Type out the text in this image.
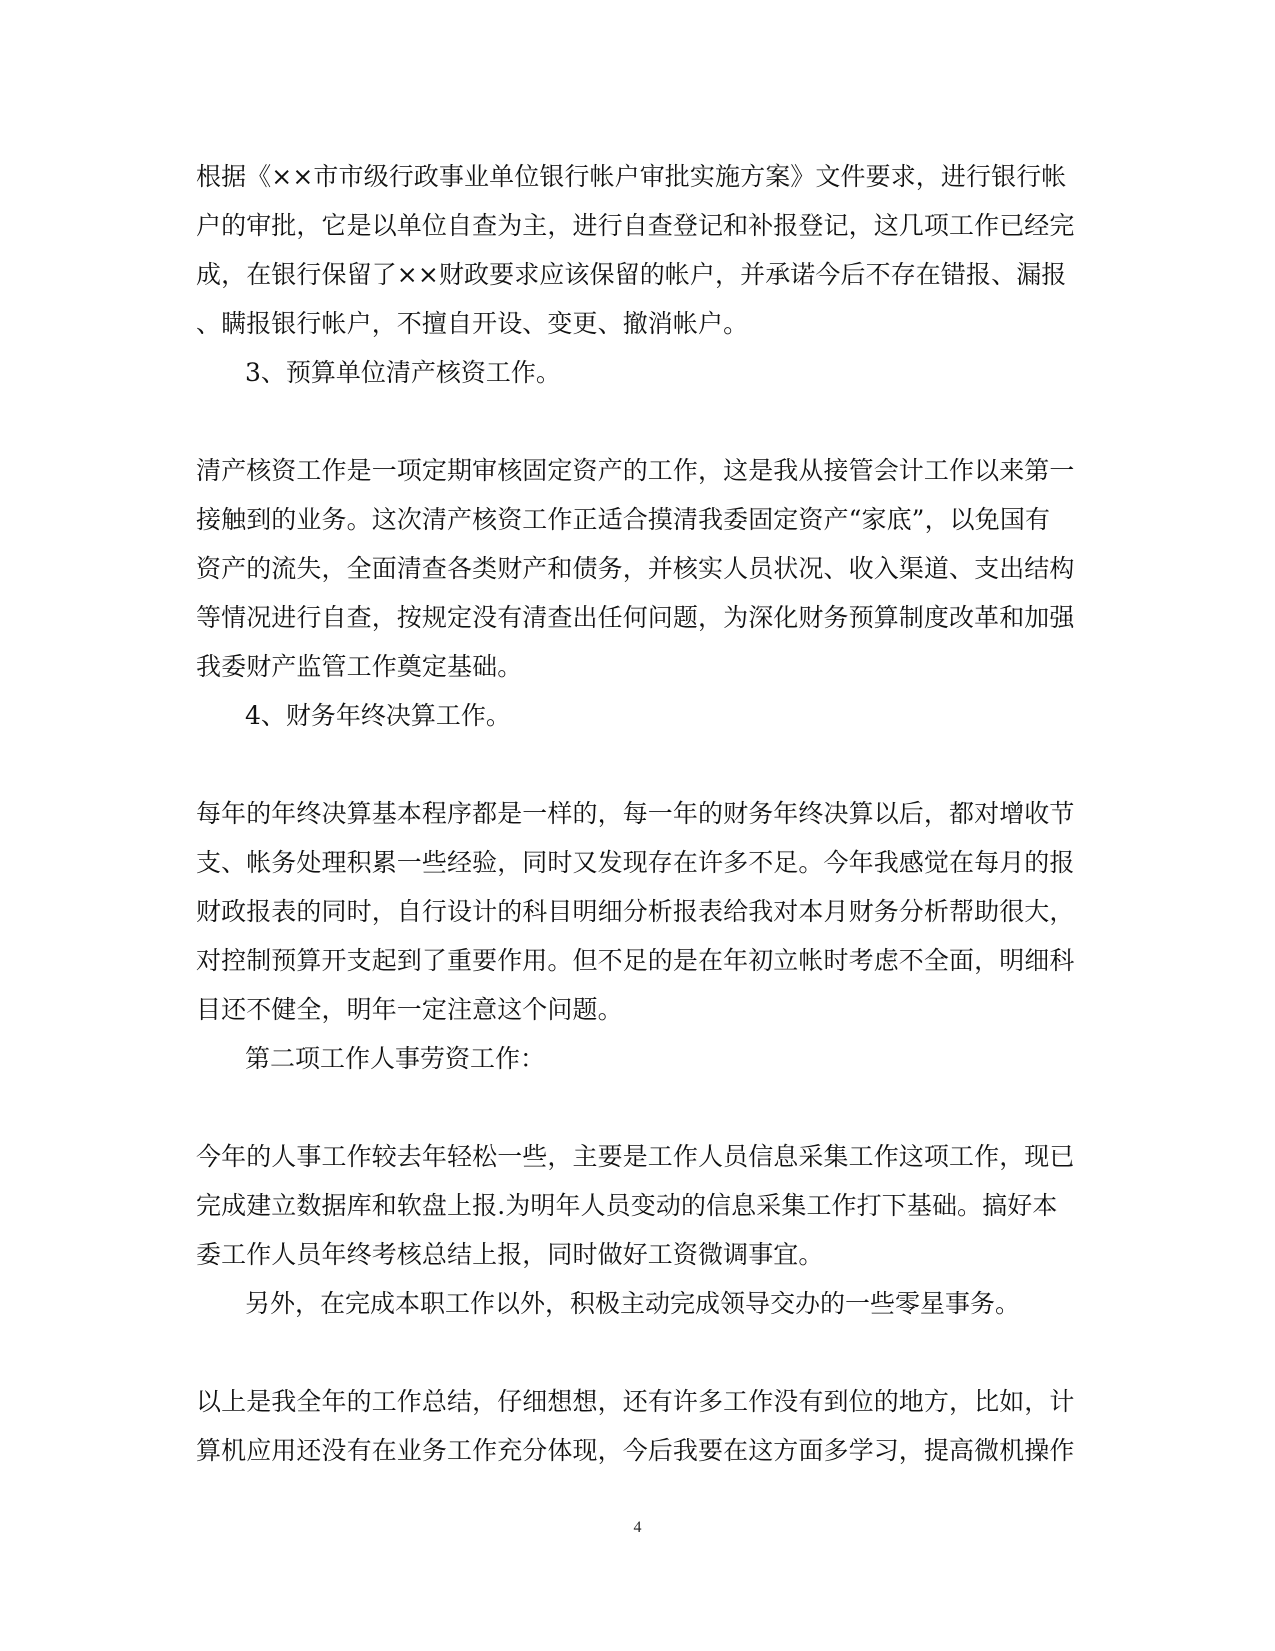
根据《××市市级行政事业单位银行帐户审批实施方案》文件要求，进行银行帐
户的审批，它是以单位自查为主，进行自查登记和补报登记，这几项工作已经完
成，在银行保留了××财政要求应该保留的帐户，并承诺今后不存在错报、漏报
、瞒报银行帐户，不擅自开设、变更、撤消帐户。
3、预算单位清产核资工作。
清产核资工作是一项定期审核固定资产的工作，这是我从接管会计工作以来第一
接触到的业务。这次清产核资工作正适合摸清我委固定资产“家底”，以免国有
资产的流失，全面清查各类财产和债务，并核实人员状况、收入渠道、支出结构
等情况进行自查，按规定没有清查出任何问题，为深化财务预算制度改革和加强
我委财产监管工作奠定基础。
4、财务年终决算工作。
每年的年终决算基本程序都是一样的，每一年的财务年终决算以后，都对增收节
支、帐务处理积累一些经验，同时又发现存在许多不足。今年我感觉在每月的报
财政报表的同时，自行设计的科目明细分析报表给我对本月财务分析帮助很大，
对控制预算开支起到了重要作用。但不足的是在年初立帐时考虑不全面，明细科
目还不健全，明年一定注意这个问题。
第二项工作人事劳资工作：
今年的人事工作较去年轻松一些，主要是工作人员信息采集工作这项工作，现已
完成建立数据库和软盘上报.为明年人员变动的信息采集工作打下基础。搞好本
委工作人员年终考核总结上报，同时做好工资微调事宜。
另外，在完成本职工作以外，积极主动完成领导交办的一些零星事务。
以上是我全年的工作总结，仔细想想，还有许多工作没有到位的地方，比如，计
算机应用还没有在业务工作充分体现，今后我要在这方面多学习，提高微机操作
4
